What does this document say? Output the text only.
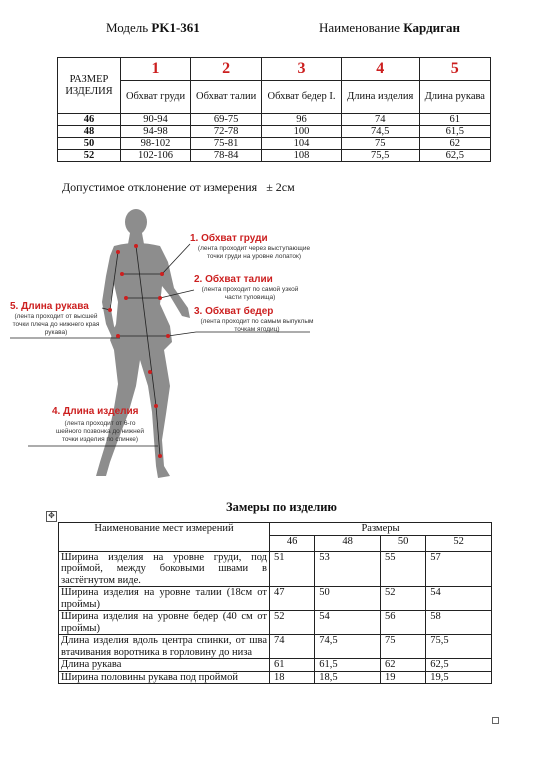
Модель PK1-361	Наименование Кардиган
РАЗМЕР ИЗДЕЛИЯ	1	2	3	4	5
	Обхват груди	Обхват талии	Обхват бедер I.	Длина изделия	Длина рукава
46	90-94	69-75	96	74	61
48	94-98	72-78	100	74,5	61,5
50	98-102	75-81	104	75	62
52	102-106	78-84	108	75,5	62,5
Допустимое отклонение от измерения ± 2см
1. Обхват груди
(лента проходит через выступающие точки груди на уровне лопаток)
2. Обхват талии
(лента проходит по самой узкой части туловища)
3. Обхват бедер
(лента проходит по самым выпуклым точкам ягодиц)
4. Длина изделия
(лента проходит от 6-го шейного позвонка до нижней точки изделия по спинке)
5. Длина рукава
(лента проходит от высшей точки плеча до нижнего края рукава)
Замеры по изделию
✥
Наименование мест измерений	Размеры			
	46	48	50	52
Ширина изделия на уровне груди, под проймой, между боковыми швами в застёгнутом виде.	51	53	55	57
Ширина изделия на уровне талии (18см от проймы)	47	50	52	54
Ширина изделия на уровне бедер (40 см от проймы)	52	54	56	58
Длина изделия вдоль центра спинки, от шва втачивания воротника в горловину до низа	74	74,5	75	75,5
Длина рукава	61	61,5	62	62,5
Ширина половины рукава под проймой	18	18,5	19	19,5
